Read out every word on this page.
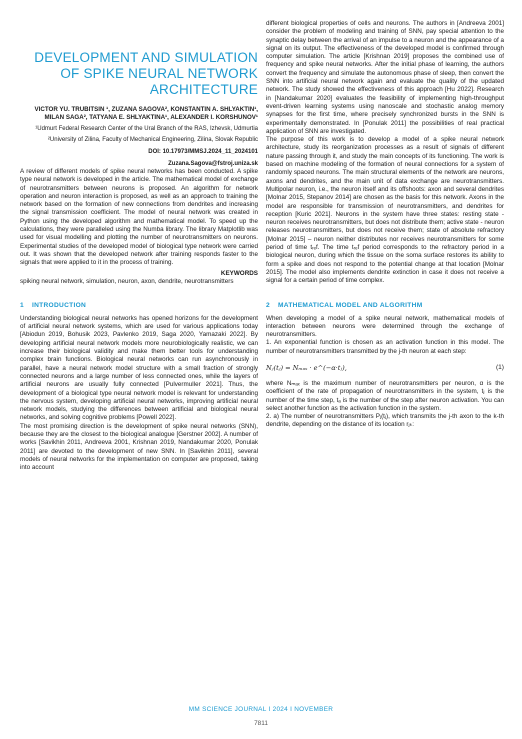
DEVELOPMENT AND SIMULATION OF SPIKE NEURAL NETWORK ARCHITECTURE

VICTOR YU. TRUBITSIN ¹, ZUZANA SAGOVA², KONSTANTIN A. SHLYAKTIN¹, MILAN SAGA², TATYANA E. SHLYAKTINA¹, ALEXANDER I. KORSHUNOV¹

¹Udmurt Federal Research Center of the Ural Branch of the RAS, Izhevsk, Udmurtia

²University of Zilina, Faculty of Mechanical Engineering, Zilina, Slovak Republic

DOI: 10.17973/MMSJ.2024_11_2024101

Zuzana.Sagova@fstroj.uniza.sk

A review of different models of spike neural networks has been conducted. A spike type neural network is developed in the article. The mathematical model of exchange of neurotransmitters between neurons is proposed. An algorithm for network operation and neuron interaction is proposed, as well as an approach to training the network based on the formation of new connections from dendrites and increasing the signal transmission coefficient. The model of neural network was created in Python using the developed algorithm and mathematical model. To speed up the calculations, they were paralleled using the Numba library. The library Matplotlib was used for visual modelling and plotting the number of neurotransmitters on neurons. Experimental studies of the developed model of biological type network were carried out. It was shown that the developed network after training responds faster to the signals that were applied to it in the process of training.

KEYWORDS

spiking neural network, simulation, neuron, axon, dendrite, neurotransmitters

1 INTRODUCTION

Understanding biological neural networks has opened horizons for the development of artificial neural network systems, which are used for various applications today [Abiodun 2019, Bohusik 2023, Pavlenko 2019, Saga 2020, Yamazaki 2022]. By developing artificial neural network models more neurobiologically realistic, we can increase their biological validity and make them better tools for understanding complex brain functions. Biological neural networks can run asynchronously in parallel, have a neural network model structure with a small fraction of strongly connected neurons and a large number of less connected ones, while the layers of artificial neurons are usually fully connected [Pulvermuller 2021]. Thus, the development of a biological type neural network model is relevant for understanding the nervous system, developing artificial neural networks, improving artificial neural network models, studying the differences between artificial and biological neural networks, and solving cognitive problems [Powell 2022].

The most promising direction is the development of spike neural networks (SNN), because they are the closest to the biological analogue [Gerstner 2002]. A number of works [Savikhin 2011, Andreeva 2001, Krishnan 2019, Nandakumar 2020, Ponulak 2011] are devoted to the development of new SNN. In [Savikhin 2011], several models of neural networks for the implementation on computer are proposed, taking into account

different biological properties of cells and neurons. The authors in [Andreeva 2001] consider the problem of modeling and training of SNN, pay special attention to the synaptic delay between the arrival of an impulse to a neuron and the appearance of a signal on its output. The effectiveness of the developed model is confirmed through computer simulation. The article [Krishnan 2019] proposes the combined use of frequency and spike neural networks. After the initial phase of learning, the authors convert the frequency and simulate the autonomous phase of sleep, then convert the SNN into artificial neural network again and evaluate the quality of the updated network. The study showed the effectiveness of this approach [Hu 2022]. Research in [Nandakumar 2020] evaluates the feasibility of implementing high-throughput event-driven learning systems using nanoscale and stochastic analog memory synapses for the first time, where precisely synchronized bursts in the SNN is experimentally demonstrated. In [Ponulak 2011] the possibilities of real practical application of SNN are investigated.

The purpose of this work is to develop a model of a spike neural network architecture, study its reorganization processes as a result of signals of different nature passing through it, and study the main concepts of its functioning. The work is based on machine modeling of the formation of neural connections for a system of randomly spaced neurons. The main structural elements of the network are neurons, axons and dendrites, and the main unit of data exchange are neurotransmitters. Multipolar neuron, i.e., the neuron itself and its offshoots: axon and several dendrites [Molnar 2015, Stepanov 2014] are chosen as the basis for this network. Axons in the model are responsible for transmission of neurotransmitters, and dendrites for reception [Kuric 2021]. Neurons in the system have three states: resting state - neuron receives neurotransmitters, but does not distribute them; active state - neuron releases neurotransmitters, but does not receive them; state of absolute refractory [Molnar 2015] – neuron neither distributes nor receives neurotransmitters for some period of time tᵣₑf. The time tᵣₑf period corresponds to the refractory period in a biological neuron, during which the tissue on the soma surface restores its ability to form a spike and does not respond to the potential change at that location [Molnar 2015]. The model also implements dendrite extinction in case it does not receive a signal for a certain period of time complex.

2 MATHEMATICAL MODEL AND ALGORITHM

When developing a model of a spike neural network, mathematical models of interaction between neurons were determined through the exchange of neurotransmitters.

1. An exponential function is chosen as an activation function in this model. The number of neurotransmitters transmitted by the j-th neuron at each step:

Nⱼ(tⱼ) = Nₘₐₓ · e^(−α·tⱼ),	(1)

where Nₘₐₓ is the maximum number of neurotransmitters per neuron, α is the coefficient of the rate of propagation of neurotransmitters in the system, tⱼ is the number of the time step, tₐ is the number of the step after neuron activation. You can select another function as the activation function in the system.

2. a) The number of neurotransmitters Pⱼ(tⱼ), which transmits the j-th axon to the k-th dendrite, depending on the distance of its location rⱼₖ:

MM SCIENCE JOURNAL I 2024 I NOVEMBER
7811
